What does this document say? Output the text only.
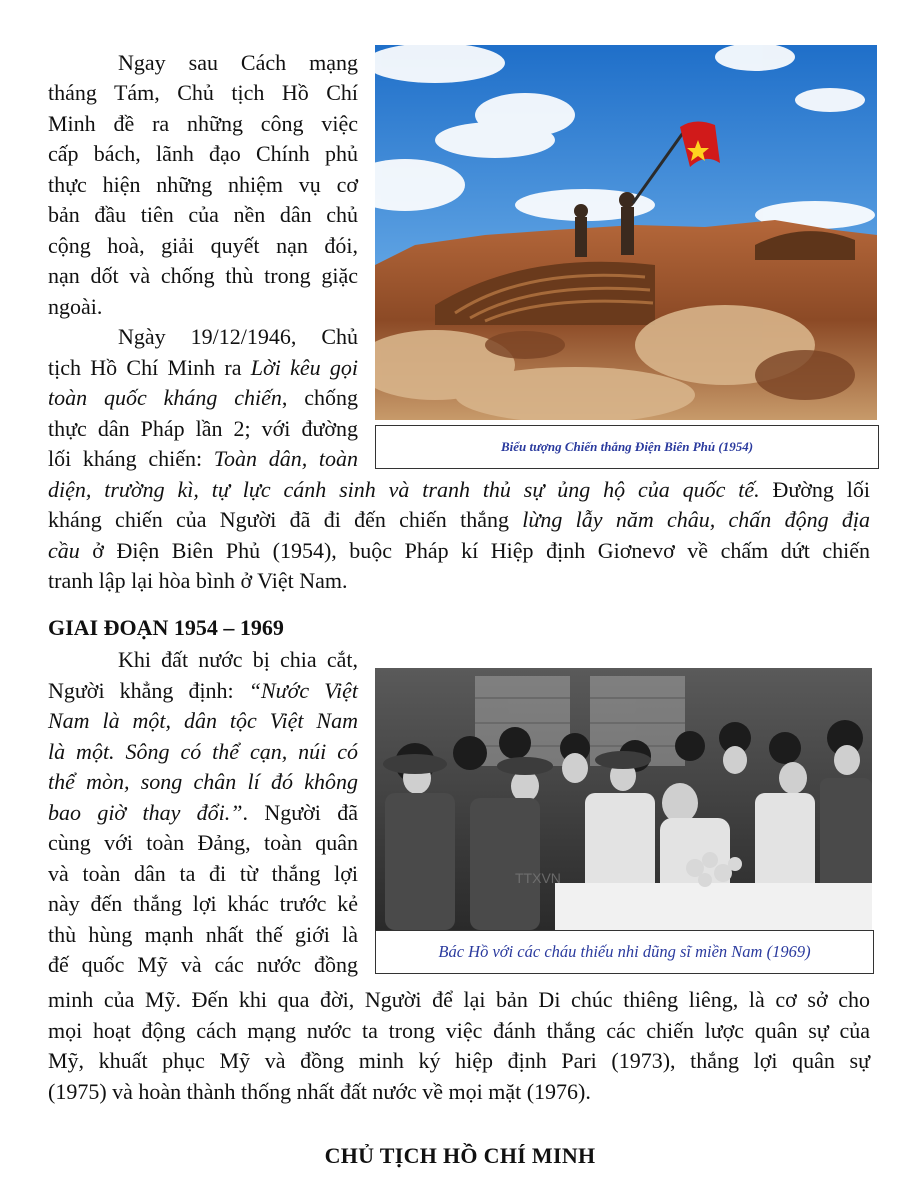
Biểu tượng Chiến thắng Điện Biên Phủ (1954)
Ngay sau Cách mạng
tháng Tám, Chủ tịch Hồ Chí
Minh đề ra những công việc
cấp bách, lãnh đạo Chính phủ
thực hiện những nhiệm vụ cơ
bản đầu tiên của nền dân chủ
cộng hoà, giải quyết nạn đói,
nạn dốt và chống thù trong giặc
ngoài.
Ngày 19/12/1946, Chủ
tịch Hồ Chí Minh ra Lời kêu gọi
toàn quốc kháng chiến, chống
thực dân Pháp lần 2; với đường
lối kháng chiến: Toàn dân, toàn
diện, trường kì, tự lực cánh sinh và tranh thủ sự ủng hộ của quốc tế. Đường lối
kháng chiến của Người đã đi đến chiến thắng lừng lẫy năm châu, chấn động địa
cầu ở Điện Biên Phủ (1954), buộc Pháp kí Hiệp định Giơnevơ về chấm dứt chiến
tranh lập lại hòa bình ở Việt Nam.
GIAI ĐOẠN 1954 – 1969
TTXVN
Bác Hồ với các cháu thiếu nhi dũng sĩ miền Nam (1969)
Khi đất nước bị chia cắt,
Người khẳng định: “Nước Việt
Nam là một, dân tộc Việt Nam
là một. Sông có thể cạn, núi có
thể mòn, song chân lí đó không
bao giờ thay đổi.”. Người đã
cùng với toàn Đảng, toàn quân
và toàn dân ta đi từ thắng lợi
này đến thắng lợi khác trước kẻ
thù hùng mạnh nhất thế giới là
đế quốc Mỹ và các nước đồng
minh của Mỹ. Đến khi qua đời, Người để lại bản Di chúc thiêng liêng, là cơ sở cho
mọi hoạt động cách mạng nước ta trong việc đánh thắng các chiến lược quân sự của
Mỹ, khuất phục Mỹ và đồng minh ký hiệp định Pari (1973), thắng lợi quân sự
(1975) và hoàn thành thống nhất đất nước về mọi mặt (1976).
CHỦ TỊCH HỒ CHÍ MINH
